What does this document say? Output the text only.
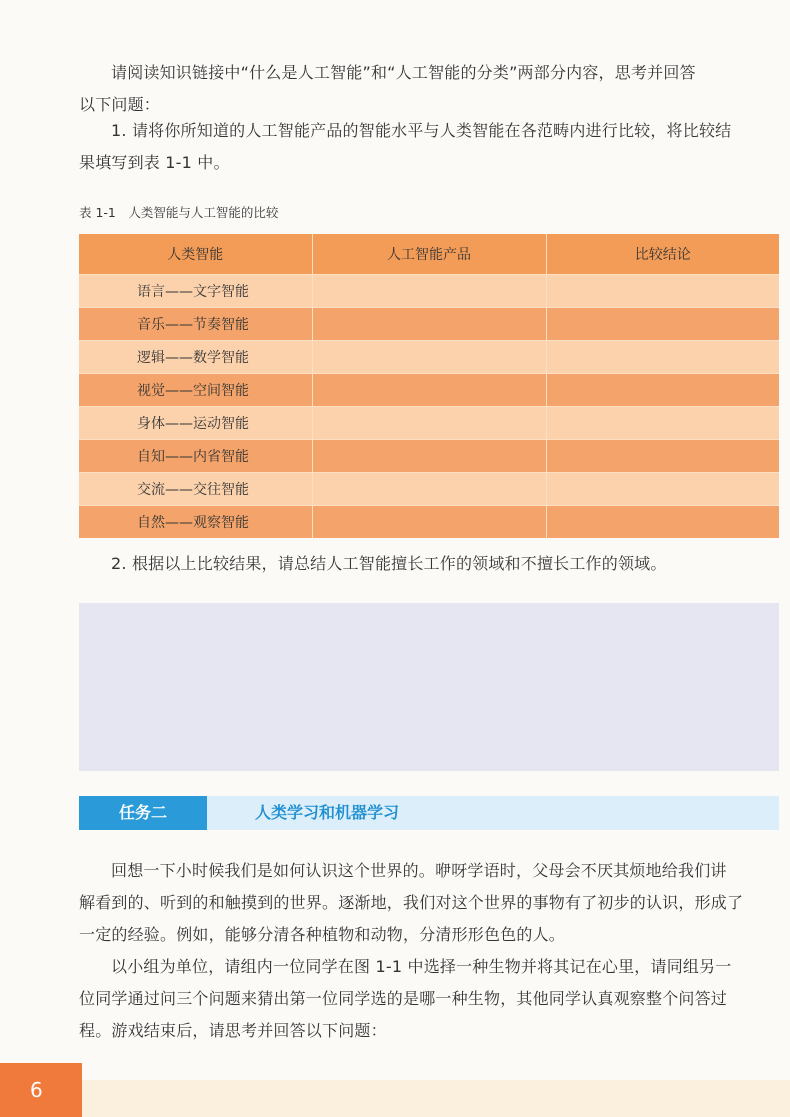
请阅读知识链接中“什么是人工智能”和“人工智能的分类”两部分内容，思考并回答
以下问题：
1. 请将你所知道的人工智能产品的智能水平与人类智能在各范畴内进行比较，将比较结
果填写到表 1-1 中。
表 1-1　人类智能与人工智能的比较
人类智能	人工智能产品	比较结论
语言——文字智能		
音乐——节奏智能		
逻辑——数学智能		
视觉——空间智能		
身体——运动智能		
自知——内省智能		
交流——交往智能		
自然——观察智能		
2. 根据以上比较结果，请总结人工智能擅长工作的领域和不擅长工作的领域。
任务二	人类学习和机器学习
回想一下小时候我们是如何认识这个世界的。咿呀学语时，父母会不厌其烦地给我们讲
解看到的、听到的和触摸到的世界。逐渐地，我们对这个世界的事物有了初步的认识，形成了
一定的经验。例如，能够分清各种植物和动物，分清形形色色的人。
以小组为单位，请组内一位同学在图 1-1 中选择一种生物并将其记在心里，请同组另一
位同学通过问三个问题来猜出第一位同学选的是哪一种生物，其他同学认真观察整个问答过
程。游戏结束后，请思考并回答以下问题：
6
